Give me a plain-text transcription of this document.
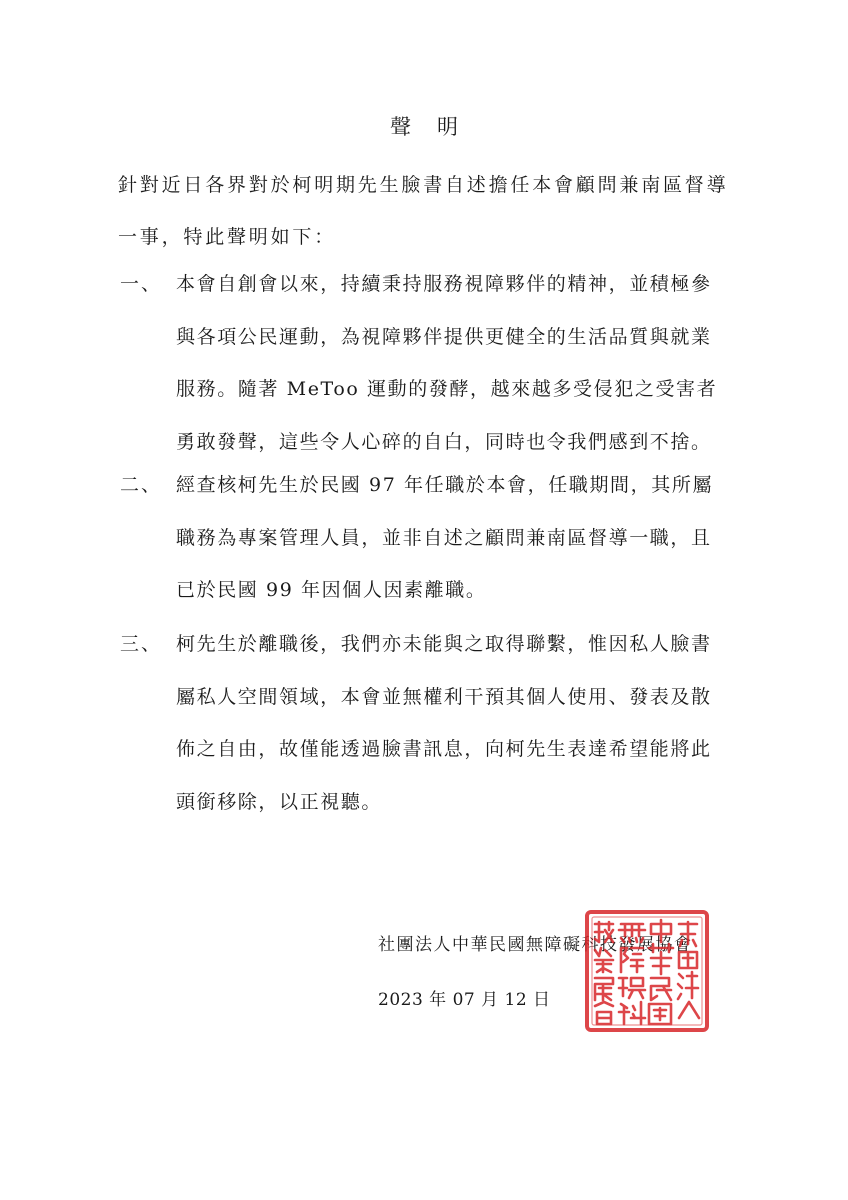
聲明
針對近日各界對於柯明期先生臉書自述擔任本會顧問兼南區督導一事，特此聲明如下：
一、 本會自創會以來，持續秉持服務視障夥伴的精神，並積極參與各項公民運動，為視障夥伴提供更健全的生活品質與就業服務。隨著 MeToo 運動的發酵，越來越多受侵犯之受害者勇敢發聲，這些令人心碎的自白，同時也令我們感到不捨。
二、 經查核柯先生於民國 97 年任職於本會，任職期間，其所屬職務為專案管理人員，並非自述之顧問兼南區督導一職，且已於民國 99 年因個人因素離職。
三、 柯先生於離職後，我們亦未能與之取得聯繫，惟因私人臉書屬私人空間領域，本會並無權利干預其個人使用、發表及散佈之自由，故僅能透過臉書訊息，向柯先生表達希望能將此頭銜移除，以正視聽。
社團法人中華民國無障礙科技發展協會
2023 年 07 月 12 日
